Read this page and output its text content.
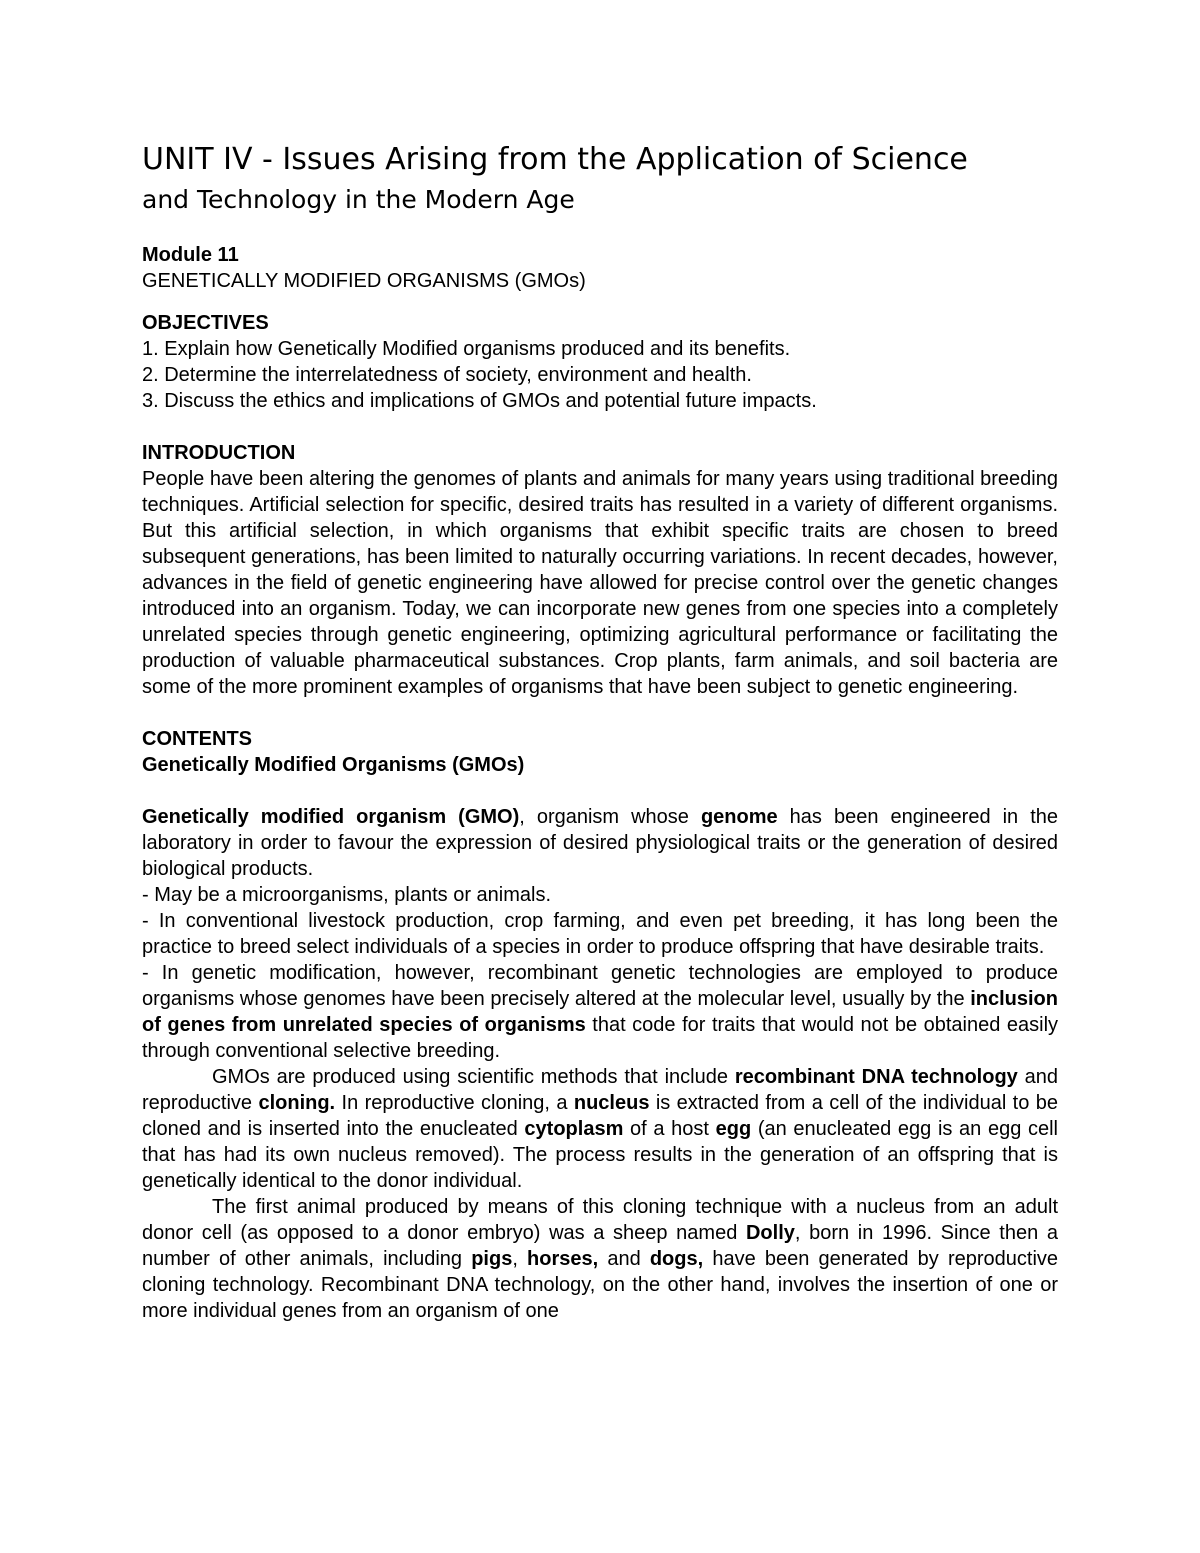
UNIT IV - Issues Arising from the Application of Science
and Technology in the Modern Age
Module 11
GENETICALLY MODIFIED ORGANISMS (GMOs)
OBJECTIVES
1. Explain how Genetically Modified organisms produced and its benefits.
2. Determine the interrelatedness of society, environment and health.
3. Discuss the ethics and implications of GMOs and potential future impacts.
INTRODUCTION

People have been altering the genomes of plants and animals for many years using traditional breeding techniques. Artificial selection for specific, desired traits has resulted in a variety of different organisms. But this artificial selection, in which organisms that exhibit specific traits are chosen to breed subsequent generations, has been limited to naturally occurring variations. In recent decades, however, advances in the field of genetic engineering have allowed for precise control over the genetic changes introduced into an organism. Today, we can incorporate new genes from one species into a completely unrelated species through genetic engineering, optimizing agricultural performance or facilitating the production of valuable pharmaceutical substances. Crop plants, farm animals, and soil bacteria are some of the more prominent examples of organisms that have been subject to genetic engineering.

CONTENTS
Genetically Modified Organisms (GMOs)

Genetically modified organism (GMO), organism whose genome has been engineered in the laboratory in order to favour the expression of desired physiological traits or the generation of desired biological products.

- May be a microorganisms, plants or animals.

- In conventional livestock production, crop farming, and even pet breeding, it has long been the practice to breed select individuals of a species in order to produce offspring that have desirable traits.

- In genetic modification, however, recombinant genetic technologies are employed to produce organisms whose genomes have been precisely altered at the molecular level, usually by the inclusion of genes from unrelated species of organisms that code for traits that would not be obtained easily through conventional selective breeding.

GMOs are produced using scientific methods that include recombinant DNA technology and reproductive cloning. In reproductive cloning, a nucleus is extracted from a cell of the individual to be cloned and is inserted into the enucleated cytoplasm of a host egg (an enucleated egg is an egg cell that has had its own nucleus removed). The process results in the generation of an offspring that is genetically identical to the donor individual.

The first animal produced by means of this cloning technique with a nucleus from an adult donor cell (as opposed to a donor embryo) was a sheep named Dolly, born in 1996. Since then a number of other animals, including pigs, horses, and dogs, have been generated by reproductive cloning technology. Recombinant DNA technology, on the other hand, involves the insertion of one or more individual genes from an organism of one
